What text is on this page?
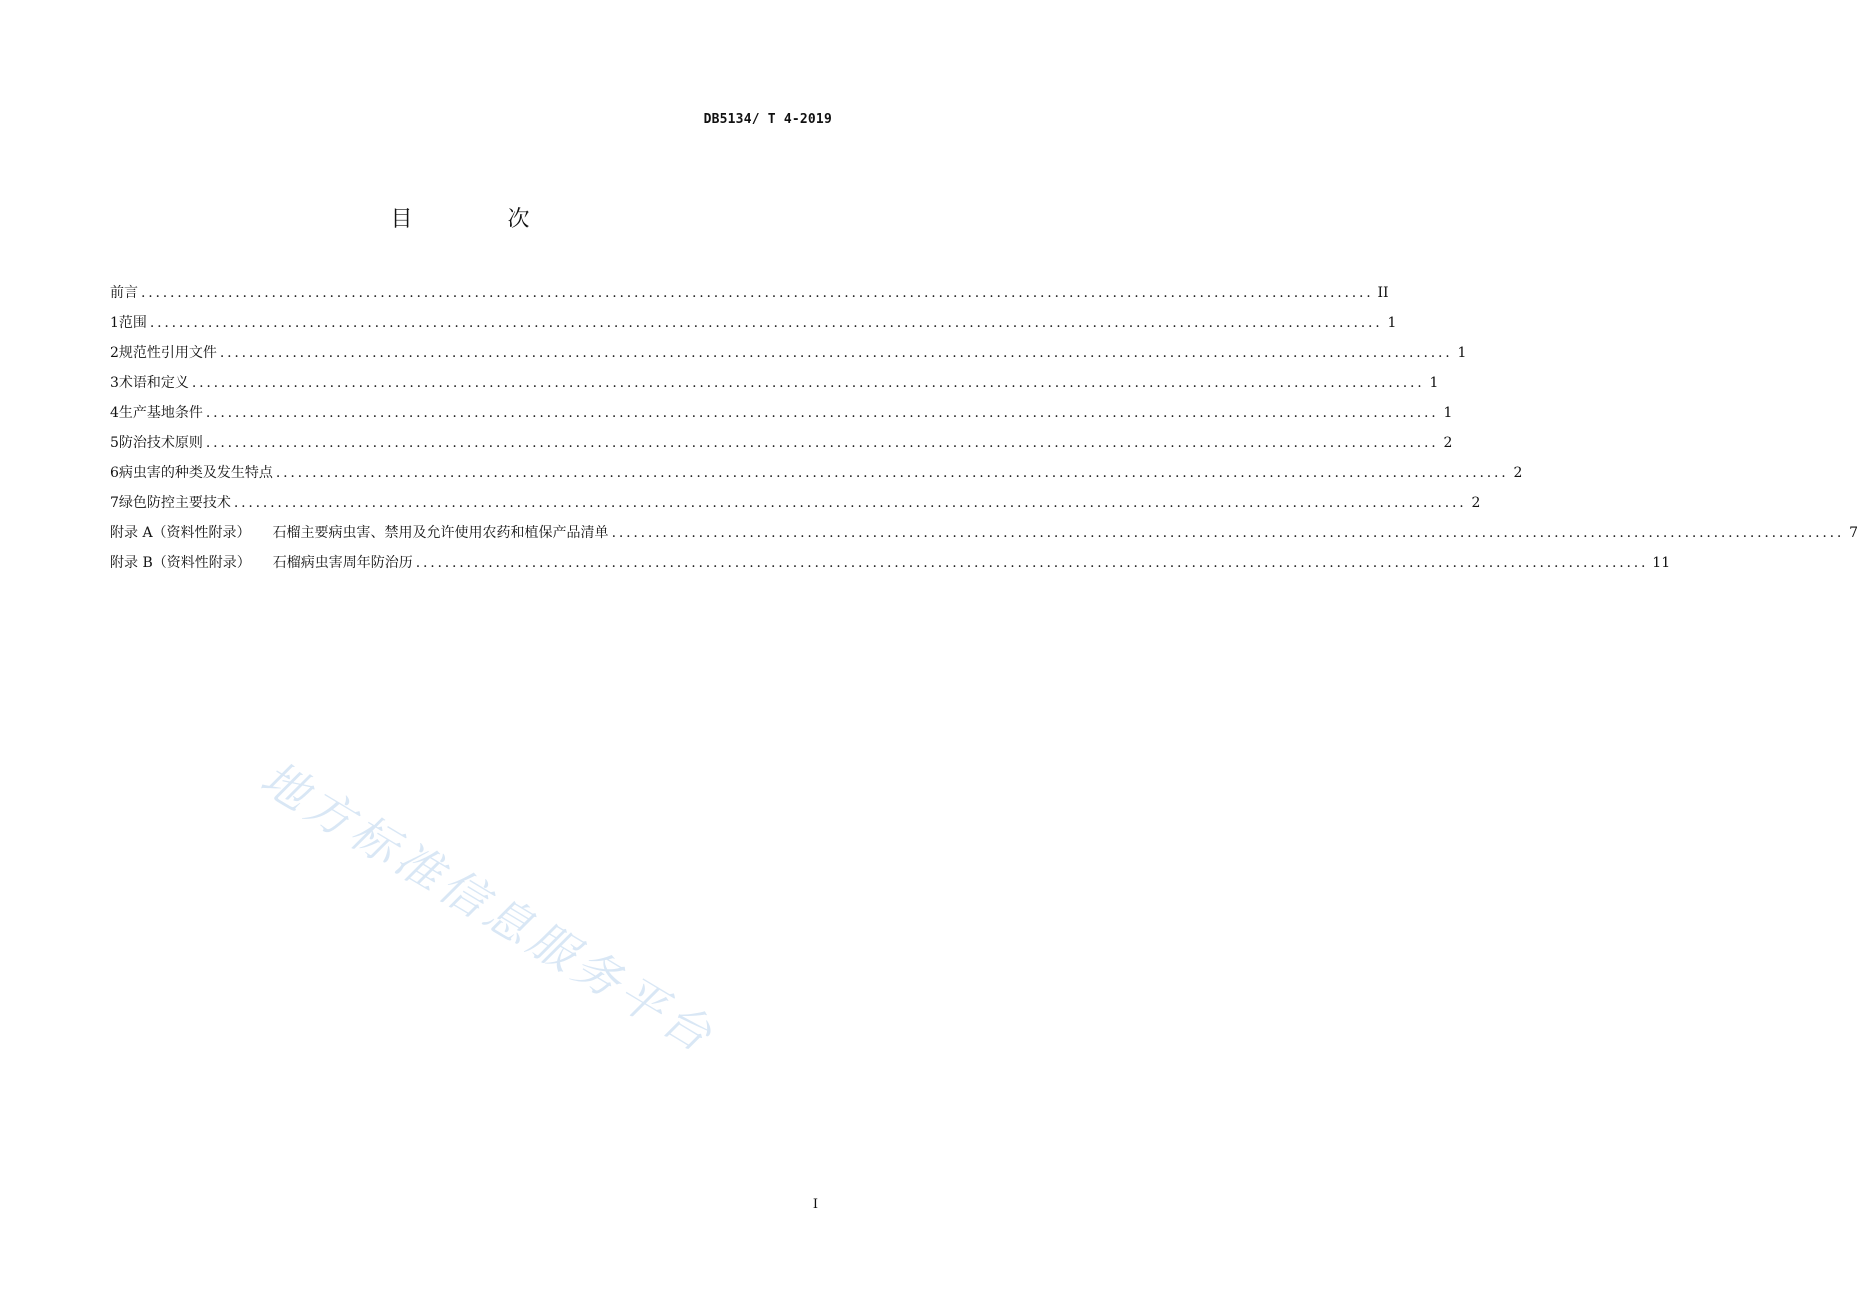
DB5134/ T 4-2019
目 次
前言 .......................................................................................................................................................................... II
1 范围 .......................................................................................................................................................................... 1
2 规范性引用文件 .......................................................................................................................................................................... 1
3 术语和定义 .......................................................................................................................................................................... 1
4 生产基地条件 .......................................................................................................................................................................... 1
5 防治技术原则 .......................................................................................................................................................................... 2
6 病虫害的种类及发生特点 .......................................................................................................................................................................... 2
7 绿色防控主要技术 .......................................................................................................................................................................... 2
附录 A（资料性附录） 石榴主要病虫害、禁用及允许使用农药和植保产品清单 .......................................................................................................................................................................... 7
附录 B（资料性附录） 石榴病虫害周年防治历 .......................................................................................................................................................................... 11
地方标准信息服务平台
I
